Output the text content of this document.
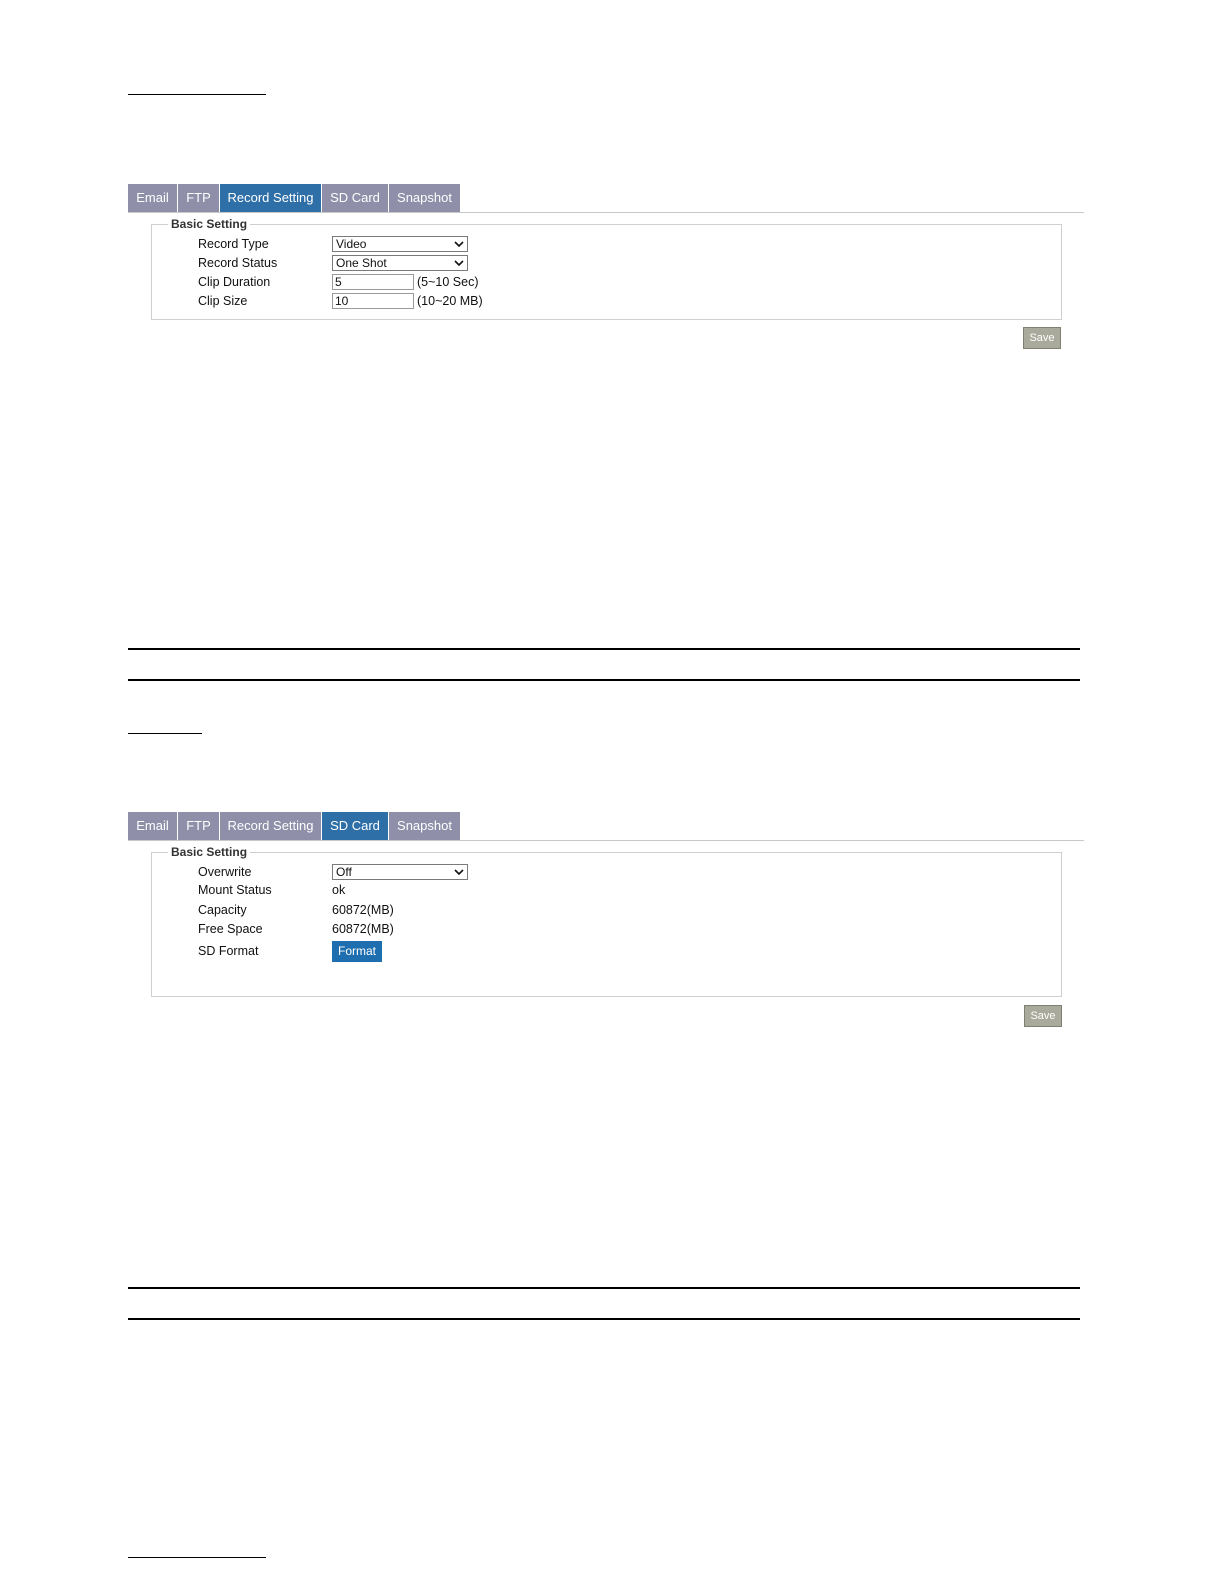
Email	FTP	Record Setting	SD Card	Snapshot
Basic Setting
Record Type	Video
Record Status	One Shot
Clip Duration	5	(5~10 Sec)
Clip Size	10	(10~20 MB)
Save
Email	FTP	Record Setting	SD Card	Snapshot
Basic Setting
Overwrite	Off
Mount Status	ok
Capacity	60872(MB)
Free Space	60872(MB)
SD Format	Format
Save
